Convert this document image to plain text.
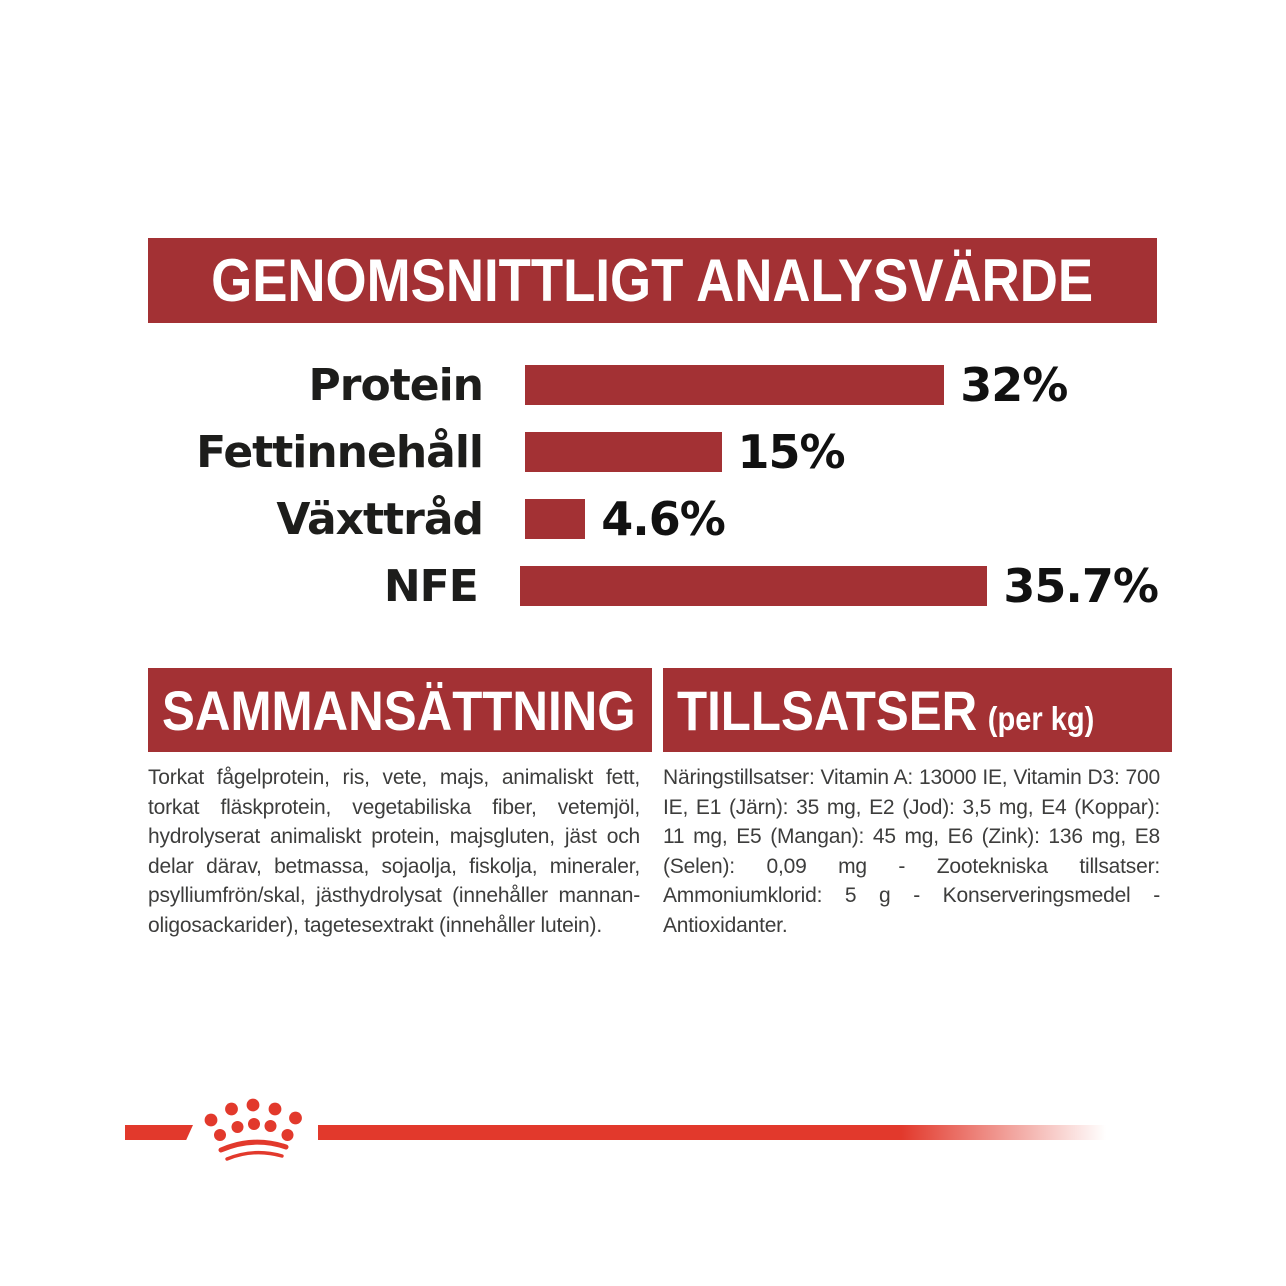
GENOMSNITTLIGT ANALYSVÄRDE
Protein	32%
Fettinnehåll	15%
Växttråd	4.6%
NFE	35.7%
SAMMANSÄTTNING

Torkat fågelprotein, ris, vete, majs, animaliskt fett, torkat fläskprotein, vegetabiliska fiber, vetemjöl, hydrolyserat animaliskt protein, majsgluten, jäst och delar därav, betmassa, sojaolja, fiskolja, mineraler, psylliumfrön/skal, jästhydrolysat (innehåller mannan-oligosackarider), tagetesextrakt (innehåller lutein).

TILLSATSER (per kg)

Näringstillsatser: Vitamin A: 13000 IE, Vitamin D3: 700 IE, E1 (Järn): 35 mg, E2 (Jod): 3,5 mg, E4 (Koppar): 11 mg, E5 (Mangan): 45 mg, E6 (Zink): 136 mg, E8 (Selen): 0,09 mg - Zootekniska tillsatser: Ammoniumklorid: 5 g - Konserveringsmedel - Antioxidanter.
